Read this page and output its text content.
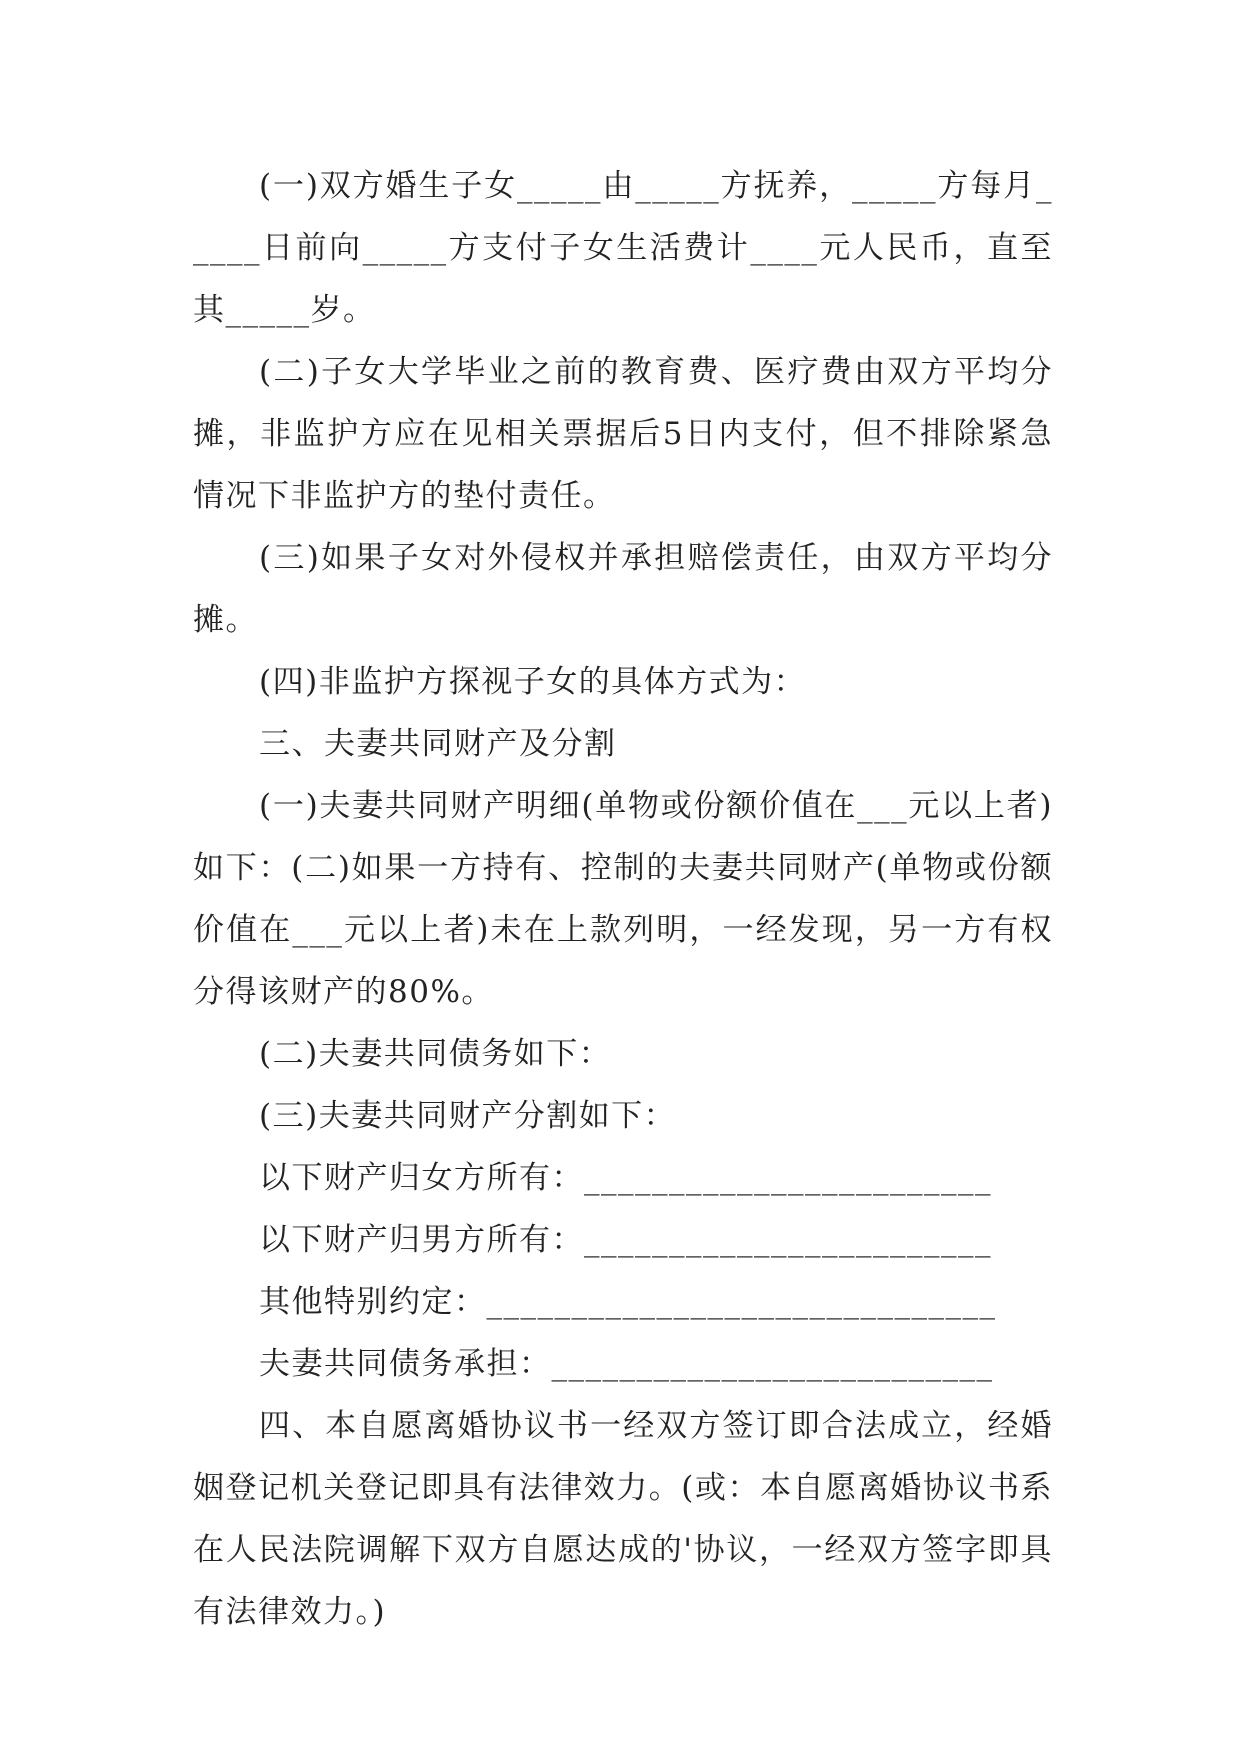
(一)双方婚生子女_____由_____方抚养，_____方每月_____日前向_____方支付子女生活费计____元人民币，直至其_____岁。

(二)子女大学毕业之前的教育费、医疗费由双方平均分摊，非监护方应在见相关票据后5日内支付，但不排除紧急情况下非监护方的垫付责任。

(三)如果子女对外侵权并承担赔偿责任，由双方平均分摊。

(四)非监护方探视子女的具体方式为：

三、夫妻共同财产及分割

(一)夫妻共同财产明细(单物或份额价值在___元以上者)如下：(二)如果一方持有、控制的夫妻共同财产(单物或份额价值在___元以上者)未在上款列明，一经发现，另一方有权分得该财产的80%。

(二)夫妻共同债务如下：

(三)夫妻共同财产分割如下：

以下财产归女方所有：________________________

以下财产归男方所有：________________________

其他特别约定：______________________________

夫妻共同债务承担：__________________________

四、本自愿离婚协议书一经双方签订即合法成立，经婚姻登记机关登记即具有法律效力。(或：本自愿离婚协议书系在人民法院调解下双方自愿达成的'协议，一经双方签字即具有法律效力。)
